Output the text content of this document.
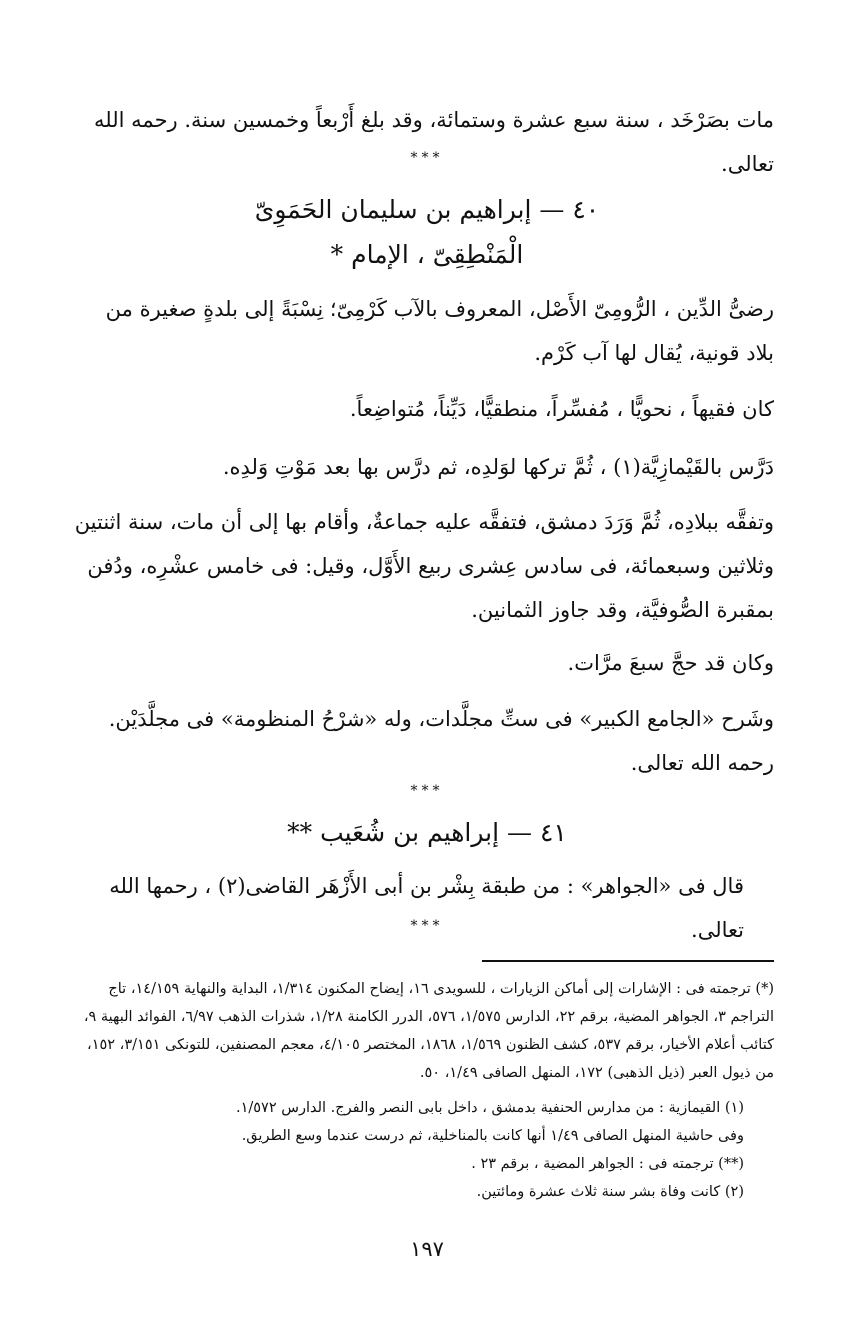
مات بصَرْخَد ، سنة سبع عشرة وستمائة، وقد بلغ أَرْبعاً وخمسين سنة. رحمه الله تعالى.
***
٤٠ — إبراهيم بن سليمان الحَمَوِىّ
الْمَنْطِقِىّ ، الإمام *
رضىُّ الدِّين ، الرُّومِىّ الأَصْل، المعروف بالآب كَرْمِىّ؛ نِسْبَةً إلى بلدةٍ صغيرة من بلاد قونية، يُقال لها آب كَرْم.
كان فقيهاً ، نحويًّا ، مُفسِّراً، منطقيًّا، دَيِّناً، مُتواضِعاً.
دَرَّس بالقَيْمازِيَّة(١) ، ثُمَّ تركها لوَلدِه، ثم درَّس بها بعد مَوْتِ وَلدِه.
وتفقَّه ببلادِه، ثُمَّ وَرَدَ دمشق، فتفقَّه عليه جماعةٌ، وأقام بها إلى أن مات، سنة اثنتين وثلاثين وسبعمائة، فى سادس عِشرى ربيع الأَوَّل، وقيل: فى خامس عشْرِه، ودُفن بمقبرة الصُّوفيَّة، وقد جاوز الثمانين.
وكان قد حجَّ سبعَ مرَّات.
وشَرح «الجامع الكبير» فى ستِّ مجلَّدات، وله «شرْحُ المنظومة» فى مجلَّدَيْن. رحمه الله تعالى.
***
٤١ — إبراهيم بن شُعَيب **
قال فى «الجواهر» : من طبقة بِشْر بن أبى الأَزْهَر القاضى(٢) ، رحمها الله تعالى.
***
(*) ترجمته فى : الإشارات إلى أماكن الزيارات ، للسويدى ١٦، إيضاح المكنون ١/٣١٤، البداية والنهاية ١٤/١٥٩، تاج التراجم ٣، الجواهر المضية، برقم ٢٢، الدارس ١/٥٧٥، ٥٧٦، الدرر الكامنة ١/٢٨، شذرات الذهب ٦/٩٧، الفوائد البهية ٩، كتائب أعلام الأخيار، برقم ٥٣٧، كشف الظنون ١/٥٦٩، ١٨٦٨، المختصر ٤/١٠٥، معجم المصنفين، للتونكى ٣/١٥١، ١٥٢، من ذيول العبر (ذيل الذهبى) ١٧٢، المنهل الصافى ١/٤٩، ٥٠.
(١) القيمازية : من مدارس الحنفية بدمشق ، داخل بابى النصر والفرج. الدارس ١/٥٧٢.
وفى حاشية المنهل الصافى ١/٤٩ أنها كانت بالمناخلية، ثم درست عندما وسع الطريق.
(**) ترجمته فى : الجواهر المضية ، برقم ٢٣ .
(٢) كانت وفاة بشر سنة ثلاث عشرة ومائتين.
١٩٧
